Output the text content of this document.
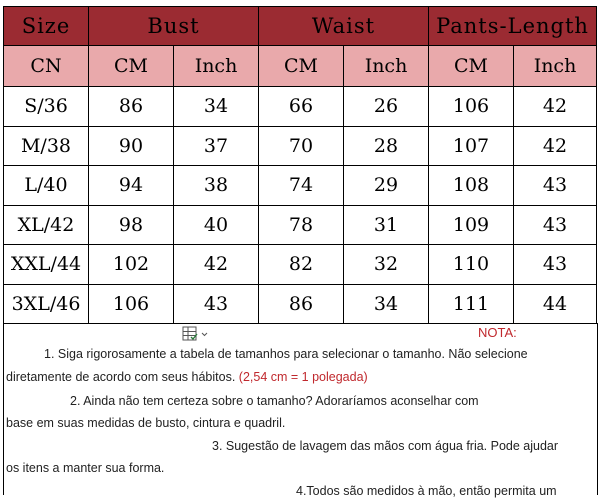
Size	Bust		Waist		Pants-Length	
CN	CM	Inch	CM	Inch	CM	Inch
S/36	86	34	66	26	106	42
M/38	90	37	70	28	107	42
L/40	94	38	74	29	108	43
XL/42	98	40	78	31	109	43
XXL/44	102	42	82	32	110	43
3XL/46	106	43	86	34	111	44
NOTA:
1. Siga rigorosamente a tabela de tamanhos para selecionar o tamanho. Não selecione
diretamente de acordo com seus hábitos. (2,54 cm = 1 polegada)
2. Ainda não tem certeza sobre o tamanho? Adoraríamos aconselhar com
base em suas medidas de busto, cintura e quadril.
3. Sugestão de lavagem das mãos com água fria. Pode ajudar
os itens a manter sua forma.
4.Todos são medidos à mão, então permita um
